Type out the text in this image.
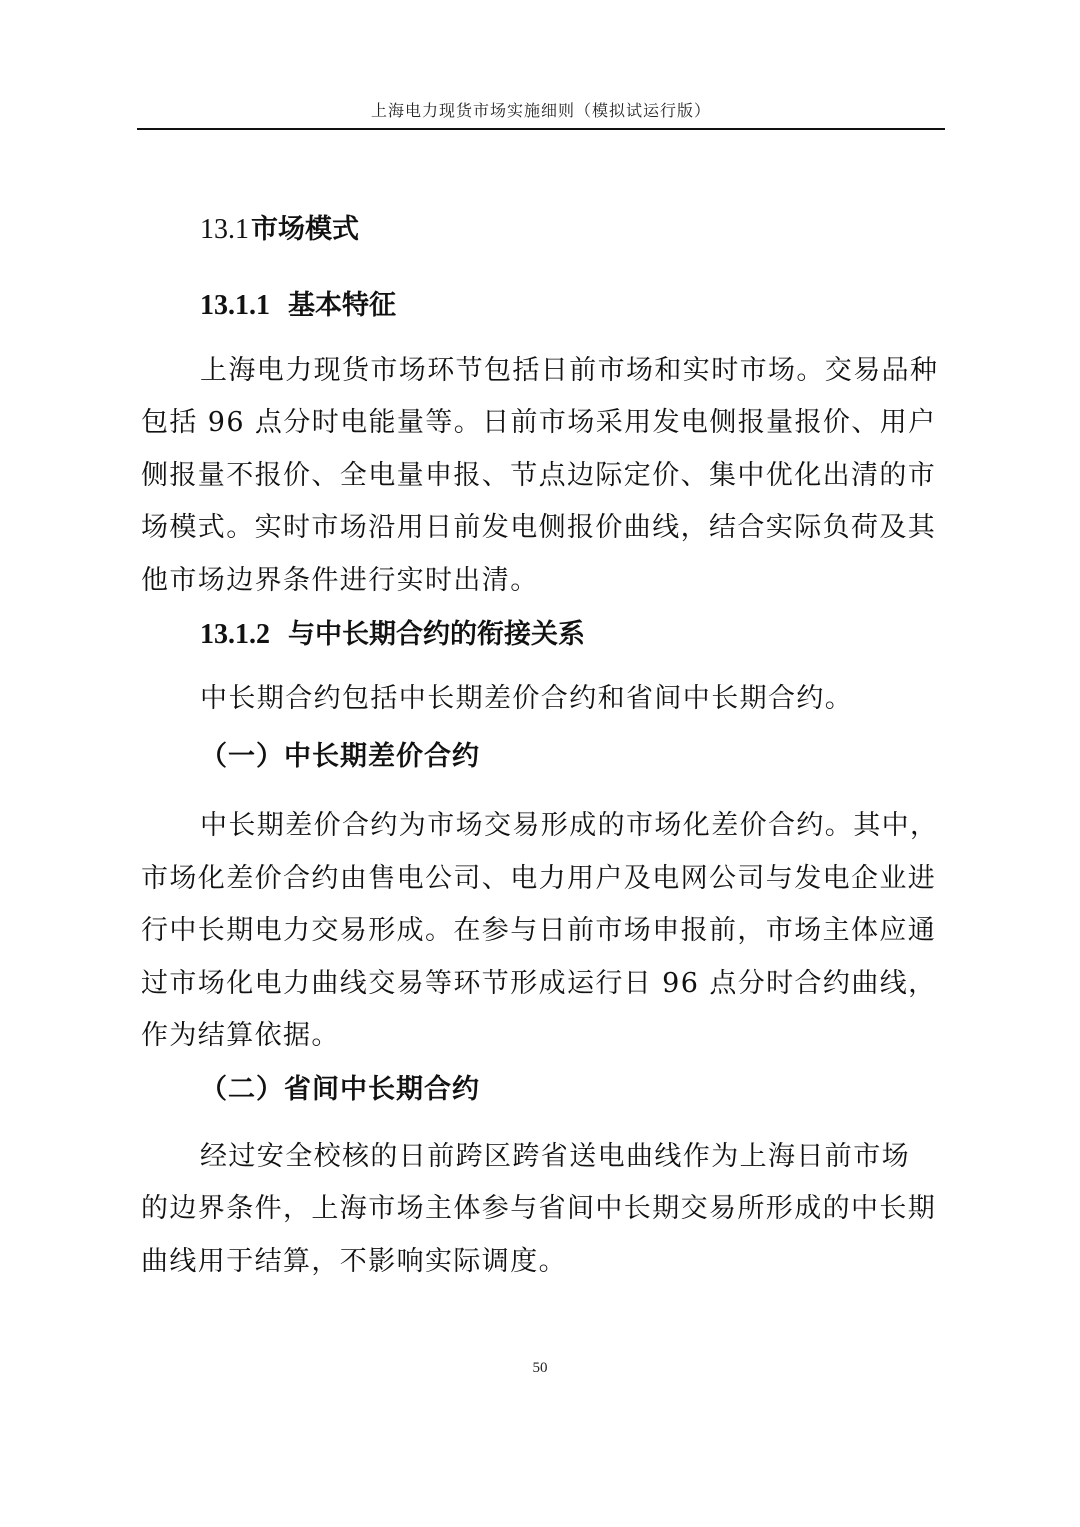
上海电力现货市场实施细则（模拟试运行版）
13.1市场模式
13.1.1 基本特征
上海电力现货市场环节包括日前市场和实时市场。交易品种
包括 96 点分时电能量等。日前市场采用发电侧报量报价、用户
侧报量不报价、全电量申报、节点边际定价、集中优化出清的市
场模式。实时市场沿用日前发电侧报价曲线，结合实际负荷及其
他市场边界条件进行实时出清。
13.1.2 与中长期合约的衔接关系
中长期合约包括中长期差价合约和省间中长期合约。
（一）中长期差价合约
中长期差价合约为市场交易形成的市场化差价合约。其中，
市场化差价合约由售电公司、电力用户及电网公司与发电企业进
行中长期电力交易形成。在参与日前市场申报前，市场主体应通
过市场化电力曲线交易等环节形成运行日 96 点分时合约曲线，
作为结算依据。
（二）省间中长期合约
经过安全校核的日前跨区跨省送电曲线作为上海日前市场
的边界条件，上海市场主体参与省间中长期交易所形成的中长期
曲线用于结算，不影响实际调度。
50
